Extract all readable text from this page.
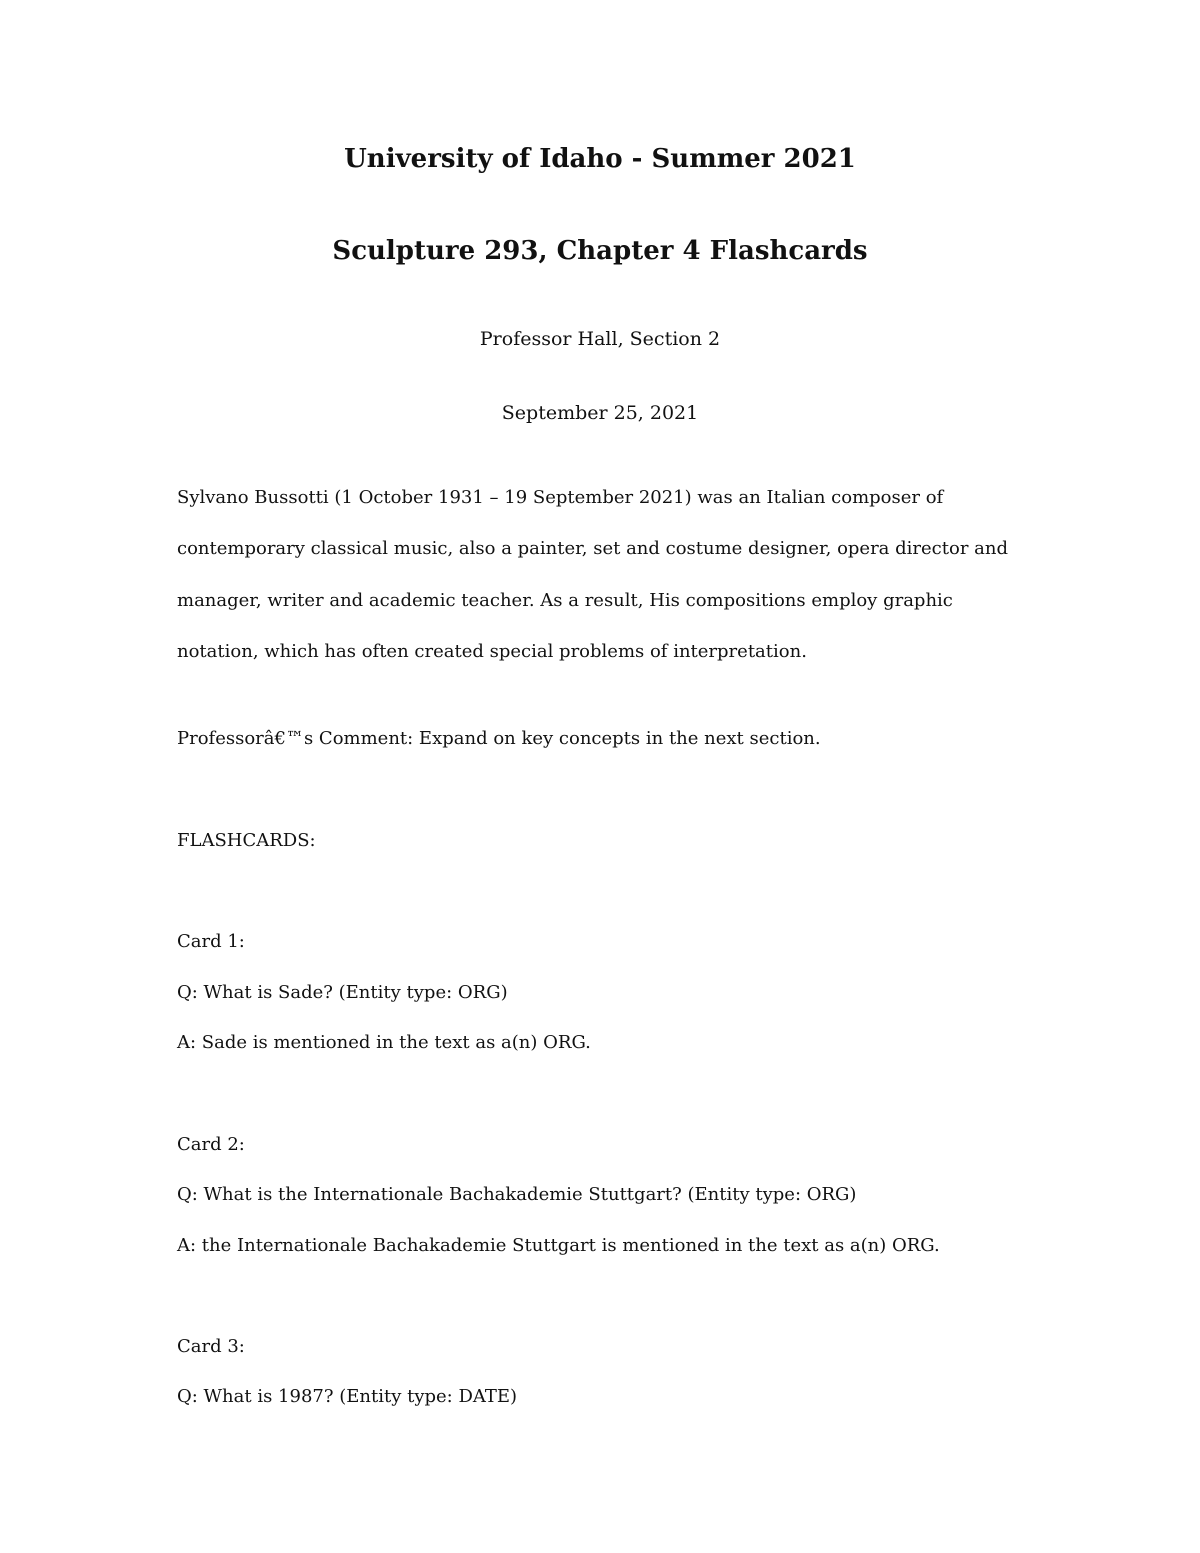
University of Idaho - Summer 2021
Sculpture 293, Chapter 4 Flashcards

Professor Hall, Section 2

September 25, 2021

Sylvano Bussotti (1 October 1931 – 19 September 2021) was an Italian composer of contemporary classical music, also a painter, set and costume designer, opera director and manager, writer and academic teacher. As a result, His compositions employ graphic notation, which has often created special problems of interpretation.

Professorâ€™s Comment: Expand on key concepts in the next section.

FLASHCARDS:

Card 1:

Q: What is Sade? (Entity type: ORG)

A: Sade is mentioned in the text as a(n) ORG.

Card 2:

Q: What is the Internationale Bachakademie Stuttgart? (Entity type: ORG)

A: the Internationale Bachakademie Stuttgart is mentioned in the text as a(n) ORG.

Card 3:

Q: What is 1987? (Entity type: DATE)
